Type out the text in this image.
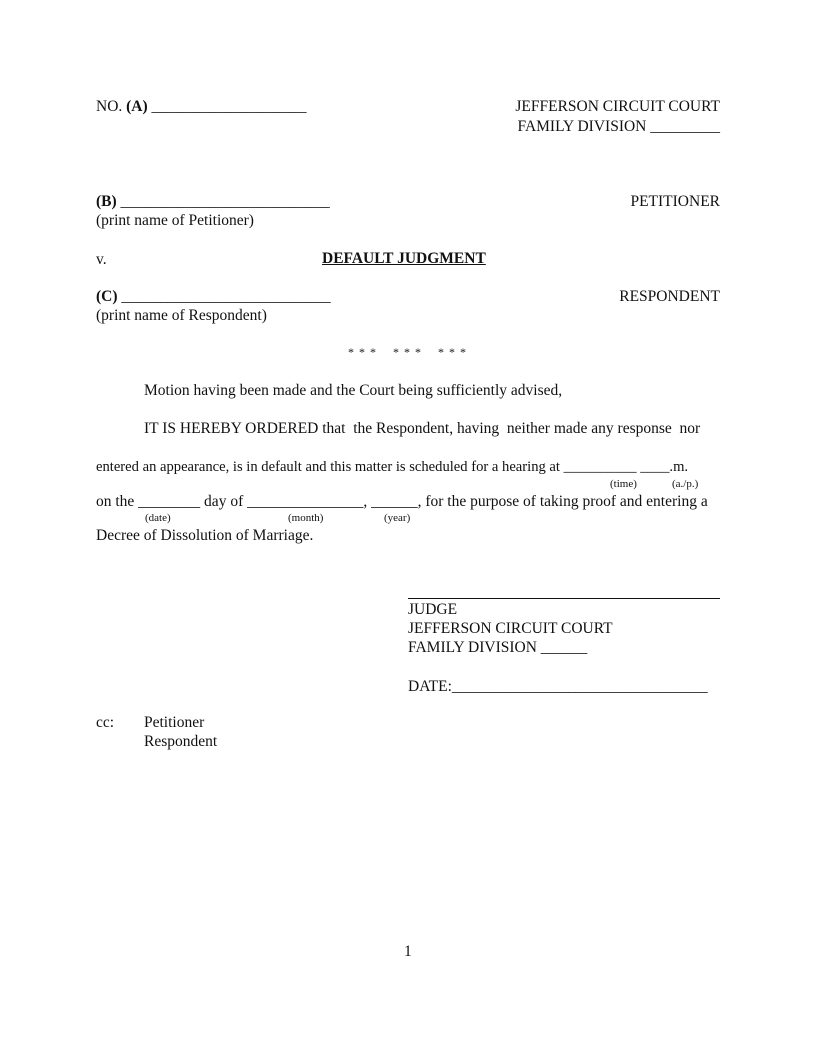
NO. (A) ____________________	JEFFERSON CIRCUIT COURT
FAMILY DIVISION _________
(B) ___________________________	PETITIONER
(print name of Petitioner)
v.	DEFAULT JUDGMENT
(C) ___________________________	RESPONDENT
(print name of Respondent)
* * *    * * *    * * *
Motion having been made and the Court being sufficiently advised,
IT IS HEREBY ORDERED that  the Respondent, having  neither made any response  nor
entered an appearance, is in default and this matter is scheduled for a hearing at __________ ____.m.
(time)	(a./p.)
on the ________ day of _______________, ______, for the purpose of taking proof and entering a
(date)	(month)	(year)
Decree of Dissolution of Marriage.
JUDGE
JEFFERSON CIRCUIT COURT
FAMILY DIVISION ______
DATE:_________________________________
cc: Petitioner
Respondent
1
